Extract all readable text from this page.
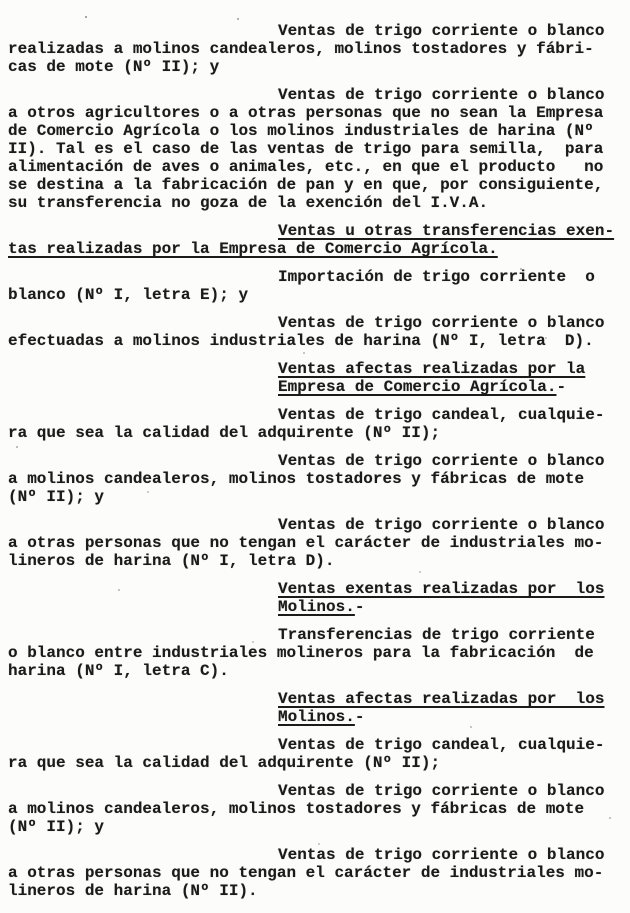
Ventas de trigo corriente o blanco
realizadas a molinos candealeros, molinos tostadores y fábri-
cas de mote (Nº II); y
Ventas de trigo corriente o blanco
a otros agricultores o a otras personas que no sean la Empresa
de Comercio Agrícola o los molinos industriales de harina (Nº
II). Tal es el caso de las ventas de trigo para semilla,  para
alimentación de aves o animales, etc., en que el producto   no
se destina a la fabricación de pan y en que, por consiguiente,
su transferencia no goza de la exención del I.V.A.
Ventas u otras transferencias exen-
tas realizadas por la Empresa de Comercio Agrícola.
Importación de trigo corriente  o
blanco (Nº I, letra E); y
Ventas de trigo corriente o blanco
efectuadas a molinos industriales de harina (Nº I, letra  D).
Ventas afectas realizadas por la
Empresa de Comercio Agrícola.-
Ventas de trigo candeal, cualquie-
ra que sea la calidad del adquirente (Nº II);
Ventas de trigo corriente o blanco
a molinos candealeros, molinos tostadores y fábricas de mote
(Nº II); y
Ventas de trigo corriente o blanco
a otras personas que no tengan el carácter de industriales mo-
lineros de harina (Nº I, letra D).
Ventas exentas realizadas por  los
Molinos.-
Transferencias de trigo corriente
o blanco entre industriales molineros para la fabricación  de
harina (Nº I, letra C).
Ventas afectas realizadas por  los
Molinos.-
Ventas de trigo candeal, cualquie-
ra que sea la calidad del adquirente (Nº II);
Ventas de trigo corriente o blanco
a molinos candealeros, molinos tostadores y fábricas de mote
(Nº II); y
Ventas de trigo corriente o blanco
a otras personas que no tengan el carácter de industriales mo-
lineros de harina (Nº II).
